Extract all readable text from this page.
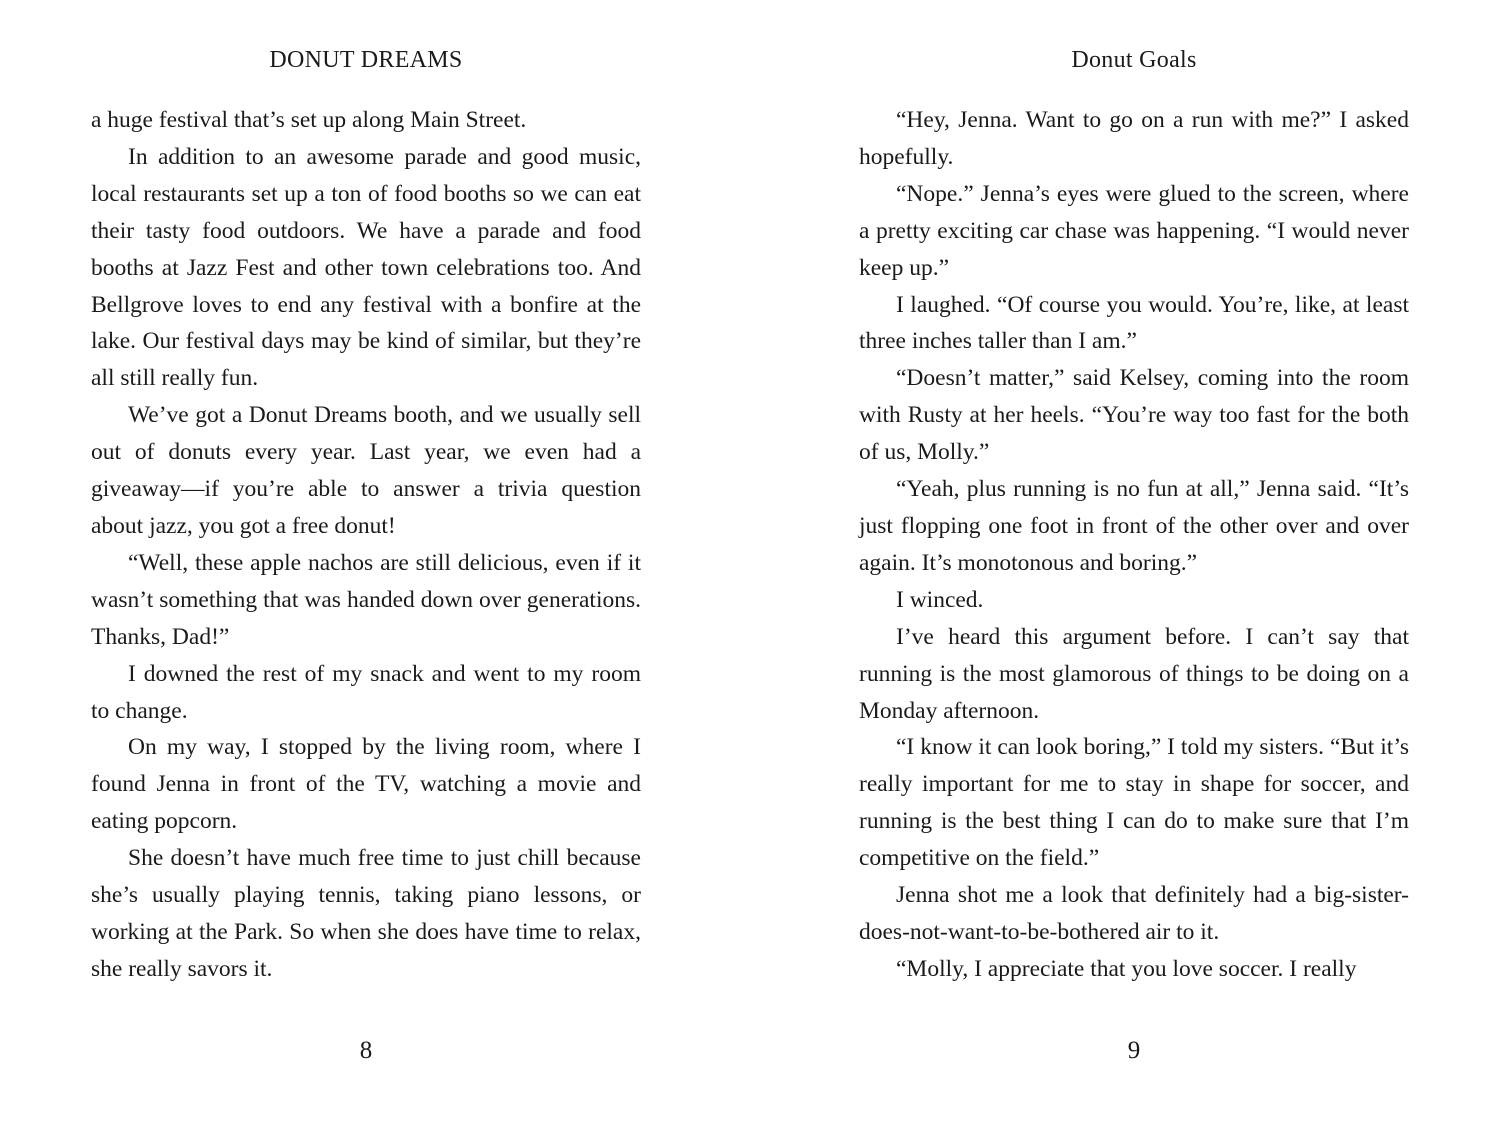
DONUT DREAMS

a huge festival that’s set up along Main Street.

In addition to an awesome parade and good music, local restaurants set up a ton of food booths so we can eat their tasty food outdoors. We have a parade and food booths at Jazz Fest and other town celebrations too. And Bellgrove loves to end any festival with a bonfire at the lake. Our festival days may be kind of similar, but they’re all still really fun.

We’ve got a Donut Dreams booth, and we usually sell out of donuts every year. Last year, we even had a giveaway—if you’re able to answer a trivia question about jazz, you got a free donut!

“Well, these apple nachos are still delicious, even if it wasn’t something that was handed down over generations. Thanks, Dad!”

I downed the rest of my snack and went to my room to change.

On my way, I stopped by the living room, where I found Jenna in front of the TV, watching a movie and eating popcorn.

She doesn’t have much free time to just chill because she’s usually playing tennis, taking piano lessons, or working at the Park. So when she does have time to relax, she really savors it.

8
Donut Goals

“Hey, Jenna. Want to go on a run with me?” I asked hopefully.

“Nope.” Jenna’s eyes were glued to the screen, where a pretty exciting car chase was happening. “I would never keep up.”

I laughed. “Of course you would. You’re, like, at least three inches taller than I am.”

“Doesn’t matter,” said Kelsey, coming into the room with Rusty at her heels. “You’re way too fast for the both of us, Molly.”

“Yeah, plus running is no fun at all,” Jenna said. “It’s just flopping one foot in front of the other over and over again. It’s monotonous and boring.”

I winced.

I’ve heard this argument before. I can’t say that running is the most glamorous of things to be doing on a Monday afternoon.

“I know it can look boring,” I told my sisters. “But it’s really important for me to stay in shape for soccer, and running is the best thing I can do to make sure that I’m competitive on the field.”

Jenna shot me a look that definitely had a big-sister-does-not-want-to-be-bothered air to it.

“Molly, I appreciate that you love soccer. I really

9
